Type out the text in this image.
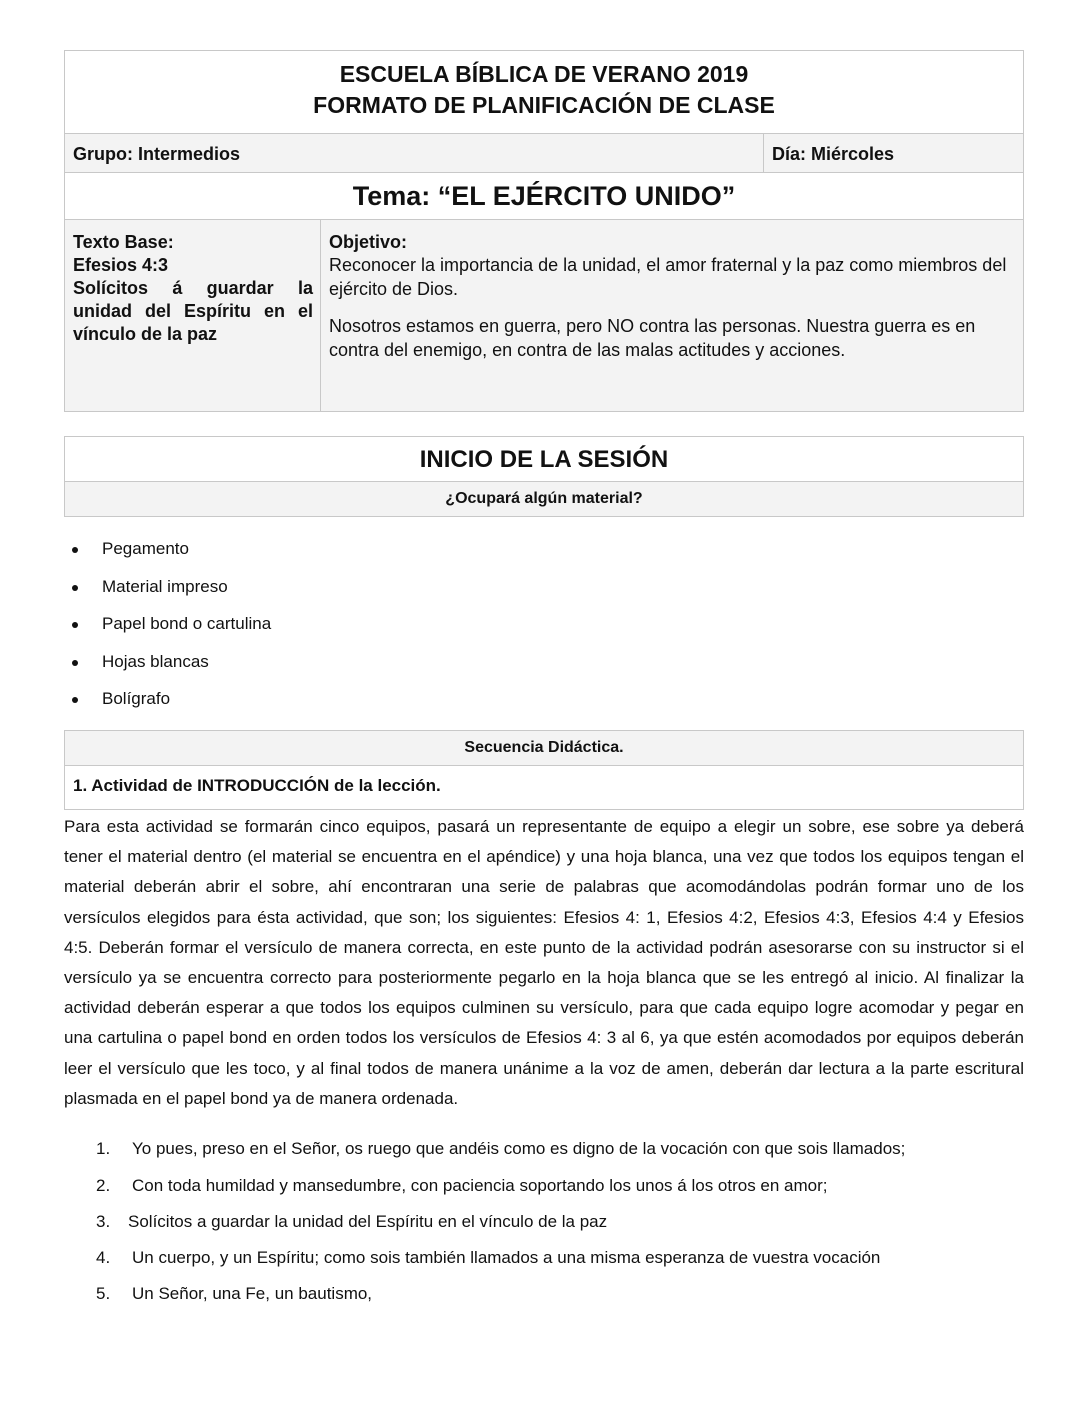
ESCUELA BÍBLICA DE VERANO 2019
FORMATO DE PLANIFICACIÓN DE CLASE
Grupo: Intermedios	Día: Miércoles
Tema: “EL EJÉRCITO UNIDO”
Texto Base:
Efesios 4:3
Solícitos á guardar la unidad del Espíritu en el vínculo de la paz
Objetivo:
Reconocer la importancia de la unidad, el amor fraternal y la paz como miembros del ejército de Dios.
Nosotros estamos en guerra, pero NO contra las personas. Nuestra guerra es en contra del enemigo, en contra de las malas actitudes y acciones.
INICIO DE LA SESIÓN
¿Ocupará algún material?
Pegamento
Material impreso
Papel bond o cartulina
Hojas blancas
Bolígrafo
Secuencia Didáctica.
1. Actividad de INTRODUCCIÓN de la lección.
Para esta actividad se formarán cinco equipos, pasará un representante de equipo a elegir un sobre, ese sobre ya deberá tener el material dentro (el material se encuentra en el apéndice) y una hoja blanca, una vez que todos los equipos tengan el material deberán abrir el sobre, ahí encontraran una serie de palabras que acomodándolas podrán formar uno de los versículos elegidos para ésta actividad, que son; los siguientes: Efesios 4: 1, Efesios 4:2, Efesios 4:3, Efesios 4:4 y Efesios 4:5. Deberán formar el versículo de manera correcta, en este punto de la actividad podrán asesorarse con su instructor si el versículo ya se encuentra correcto para posteriormente pegarlo en la hoja blanca que se les entregó al inicio. Al finalizar la actividad deberán esperar a que todos los equipos culminen su versículo, para que cada equipo logre acomodar y pegar en una cartulina o papel bond en orden todos los versículos de Efesios 4: 3 al 6, ya que estén acomodados por equipos deberán leer el versículo que les toco, y al final todos de manera unánime a la voz de amen, deberán dar lectura a la parte escritural plasmada en el papel bond ya de manera ordenada.
1. Yo pues, preso en el Señor, os ruego que andéis como es digno de la vocación con que sois llamados;
2. Con toda humildad y mansedumbre, con paciencia soportando los unos á los otros en amor;
3. Solícitos a guardar la unidad del Espíritu en el vínculo de la paz
4. Un cuerpo, y un Espíritu; como sois también llamados a una misma esperanza de vuestra vocación
5. Un Señor, una Fe, un bautismo,
